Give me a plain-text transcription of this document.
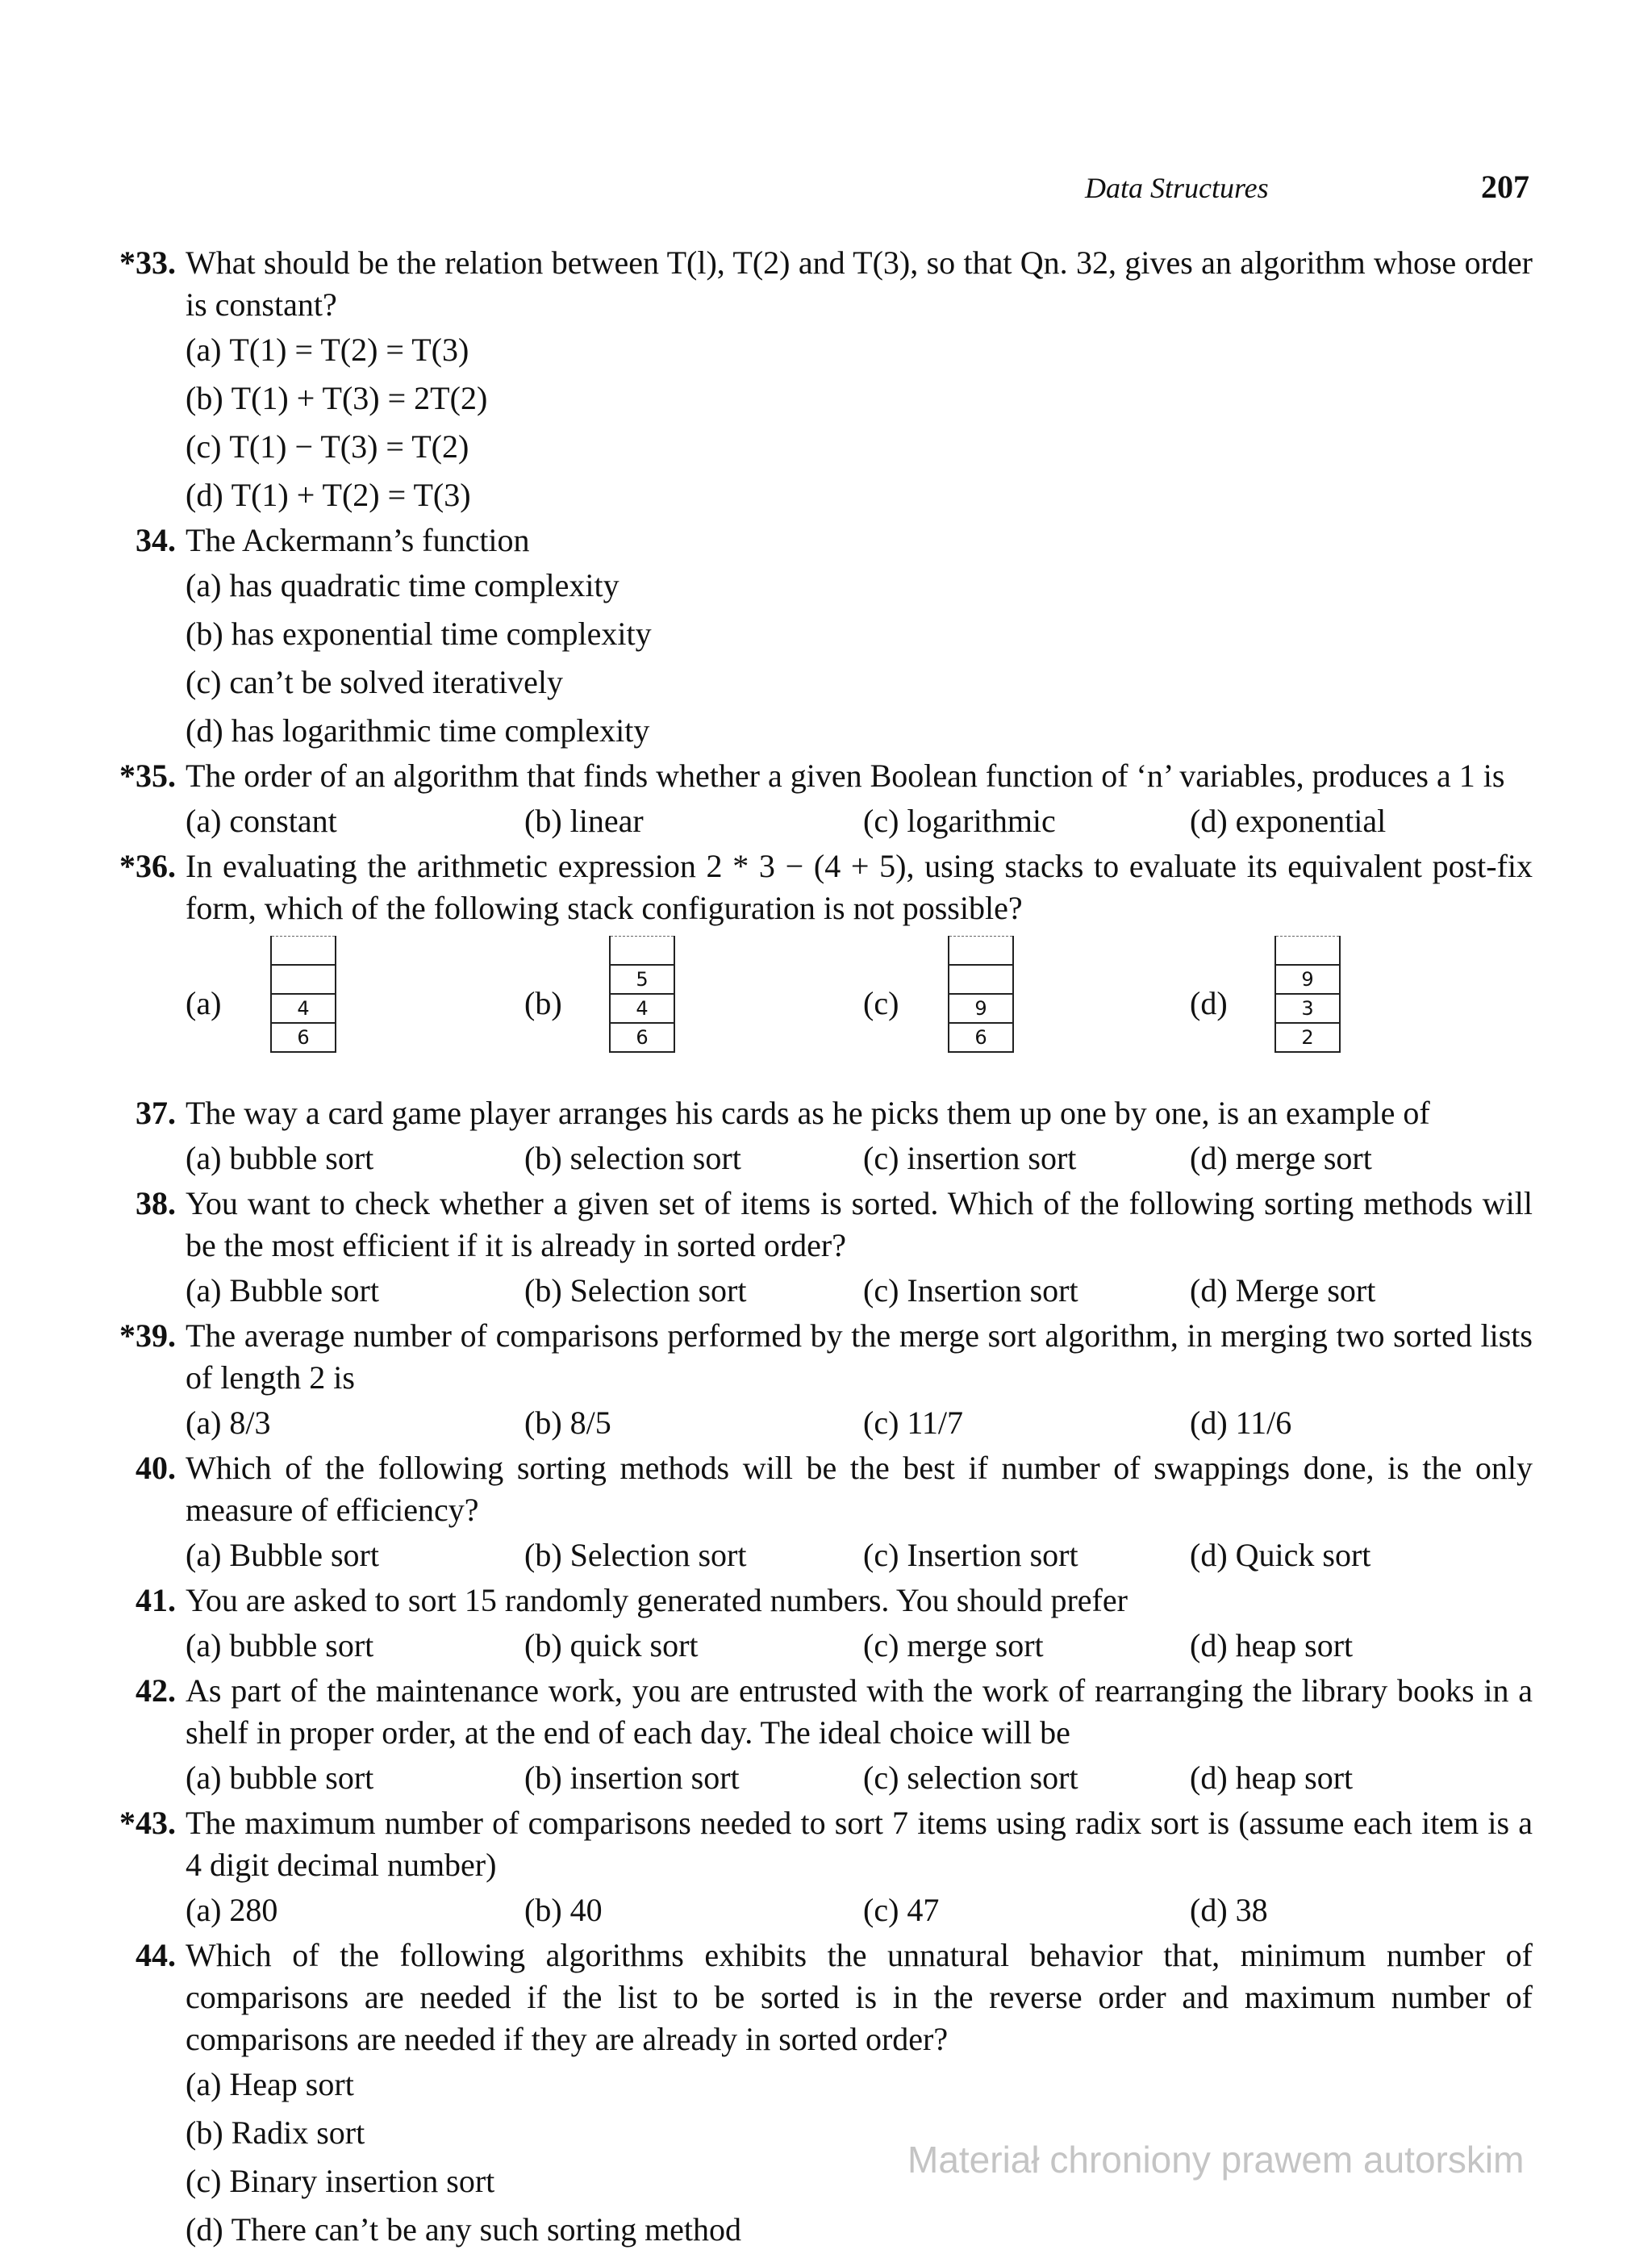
Data Structures	207
*33. What should be the relation between T(l), T(2) and T(3), so that Qn. 32, gives an algorithm whose order is constant?
(a) T(1) = T(2) = T(3)(b) T(1) + T(3) = 2T(2) (c) T(1) − T(3) = T(2)(d) T(1) + T(2) = T(3)
34. The Ackermann’s function
(a) has quadratic time complexity(b) has exponential time complexity (c) can’t be solved iteratively(d) has logarithmic time complexity
*35. The order of an algorithm that finds whether a given Boolean function of ‘n’ variables, produces a 1 is
(a) constant	(b) linear	(c) logarithmic	(d) exponential
*36. In evaluating the arithmetic expression 2 * 3 − (4 + 5), using stacks to evaluate its equivalent post-fix form, which of the following stack configuration is not possible?
(a)	4
6
(b)
5
4
6
(c)	9
6
(d)
9
3
2
37. The way a card game player arranges his cards as he picks them up one by one, is an example of
(a) bubble sort	(b) selection sort	(c) insertion sort	(d) merge sort
38. You want to check whether a given set of items is sorted. Which of the following sorting methods will be the most efficient if it is already in sorted order?
(a) Bubble sort	(b) Selection sort	(c) Insertion sort	(d) Merge sort
*39. The average number of comparisons performed by the merge sort algorithm, in merging two sorted lists of length 2 is
(a) 8/3	(b) 8/5	(c) 11/7	(d) 11/6
40. Which of the following sorting methods will be the best if number of swappings done, is the only measure of efficiency?
(a) Bubble sort	(b) Selection sort	(c) Insertion sort	(d) Quick sort
41. You are asked to sort 15 randomly generated numbers. You should prefer
(a) bubble sort	(b) quick sort	(c) merge sort	(d) heap sort
42. As part of the maintenance work, you are entrusted with the work of rearranging the library books in a shelf in proper order, at the end of each day. The ideal choice will be
(a) bubble sort	(b) insertion sort	(c) selection sort	(d) heap sort
*43. The maximum number of comparisons needed to sort 7 items using radix sort is (assume each item is a 4 digit decimal number)
(a) 280	(b) 40	(c) 47	(d) 38
44. Which of the following algorithms exhibits the unnatural behavior that, minimum number of comparisons are needed if the list to be sorted is in the reverse order and maximum number of comparisons are needed if they are already in sorted order?
(a) Heap sort(b) Radix sort (c) Binary insertion sort(d) There can’t be any such sorting method
Materiał chroniony prawem autorskim
